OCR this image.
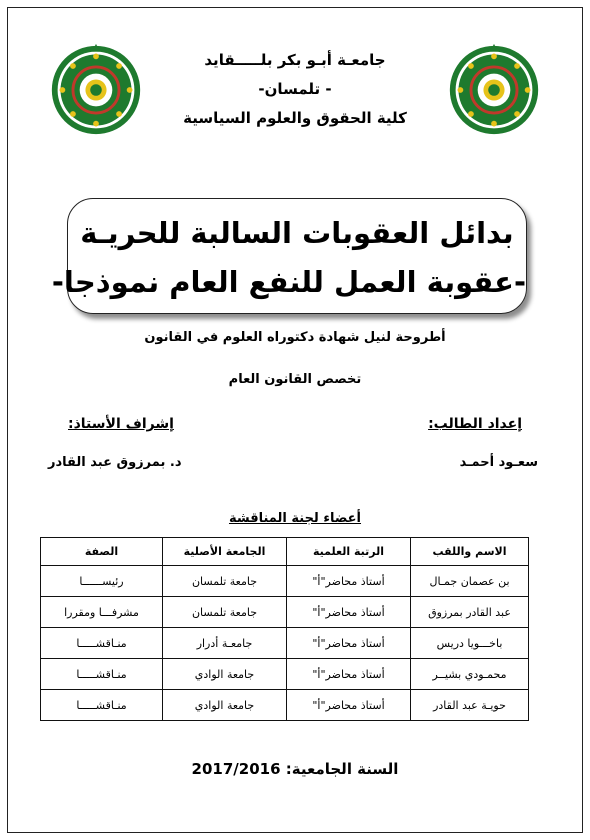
جامعـة أبـو بكر بلـــــقايد
- تلمسان-
كلية الحقوق والعلوم السياسية
بدائل العقوبات السالبة للحريـة
-عقوبة العمل للنفع العام نموذجا-
أطروحة لنيل شهادة دكتوراه العلوم في القانون
تخصص القانون العام
إعداد الطالب:
إشراف الأستاذ:
سعـود أحمـد
د. بمرزوق عبد القادر
أعضاء لجنة المناقشة
الاسم واللقب	الرتبة العلمية	الجامعة الأصلية	الصفة
بن عصمان جمـال	أستاذ محاضر"أ"	جامعة تلمسان	رئيســــــا
عبد القادر بمرزوق	أستاذ محاضر"أ"	جامعة تلمسان	مشرفـــا ومقررا
باخـــويا دريس	أستاذ محاضر"أ"	جامعـة أدرار	منـاقشـــــا
محمـودي بشيــر	أستاذ محاضر"أ"	جامعة الوادي	منـاقشـــــا
حويـة عبد القادر	أستاذ محاضر"أ"	جامعة الوادي	منـاقشـــــا
السنة الجامعية: 2017/2016
